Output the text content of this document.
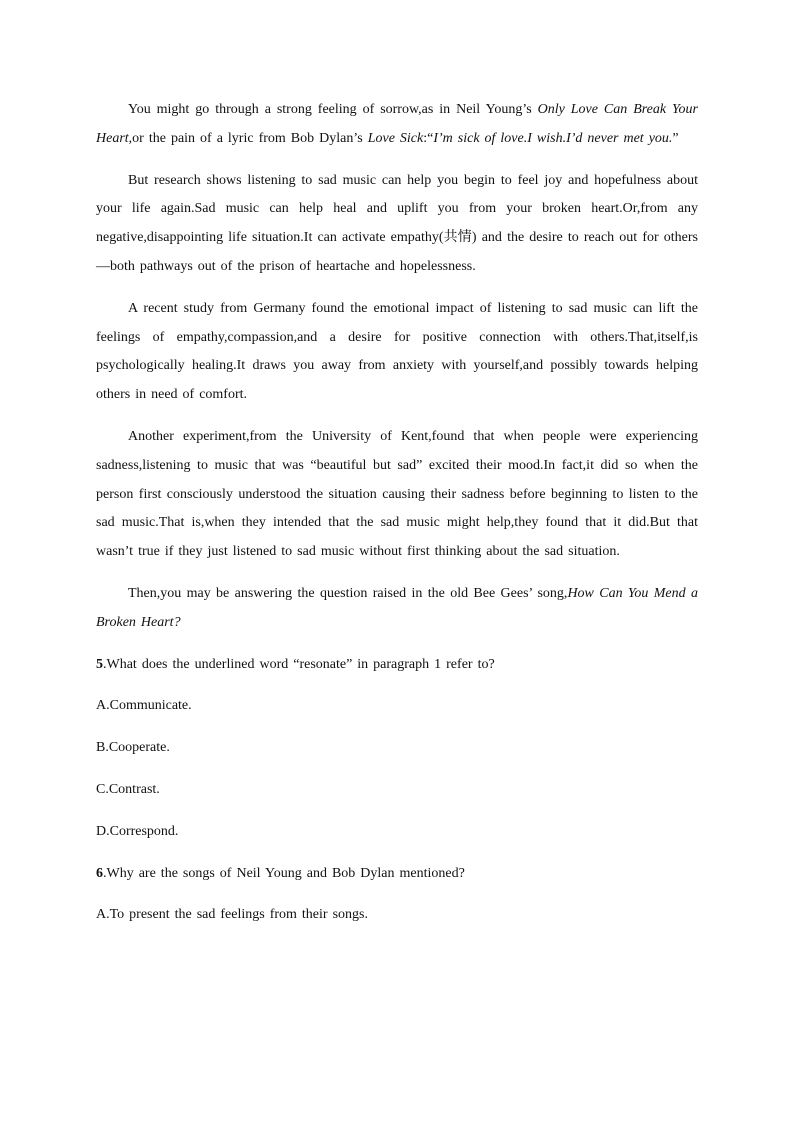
You might go through a strong feeling of sorrow,as in Neil Young’s Only Love Can Break Your Heart,or the pain of a lyric from Bob Dylan’s Love Sick:“I’m sick of love.I wish.I’d never met you.”

But research shows listening to sad music can help you begin to feel joy and hopefulness about your life again.Sad music can help heal and uplift you from your broken heart.Or,from any negative,disappointing life situation.It can activate empathy(共情) and the desire to reach out for others—both pathways out of the prison of heartache and hopelessness.

A recent study from Germany found the emotional impact of listening to sad music can lift the feelings of empathy,compassion,and a desire for positive connection with others.That,itself,is psychologically healing.It draws you away from anxiety with yourself,and possibly towards helping others in need of comfort.

Another experiment,from the University of Kent,found that when people were experiencing sadness,listening to music that was “beautiful but sad” excited their mood.In fact,it did so when the person first consciously understood the situation causing their sadness before beginning to listen to the sad music.That is,when they intended that the sad music might help,they found that it did.But that wasn’t true if they just listened to sad music without first thinking about the sad situation.

Then,you may be answering the question raised in the old Bee Gees’ song,How Can You Mend a Broken Heart?

5.What does the underlined word “resonate” in paragraph 1 refer to?

A.Communicate.

B.Cooperate.

C.Contrast.

D.Correspond.

6.Why are the songs of Neil Young and Bob Dylan mentioned?

A.To present the sad feelings from their songs.
